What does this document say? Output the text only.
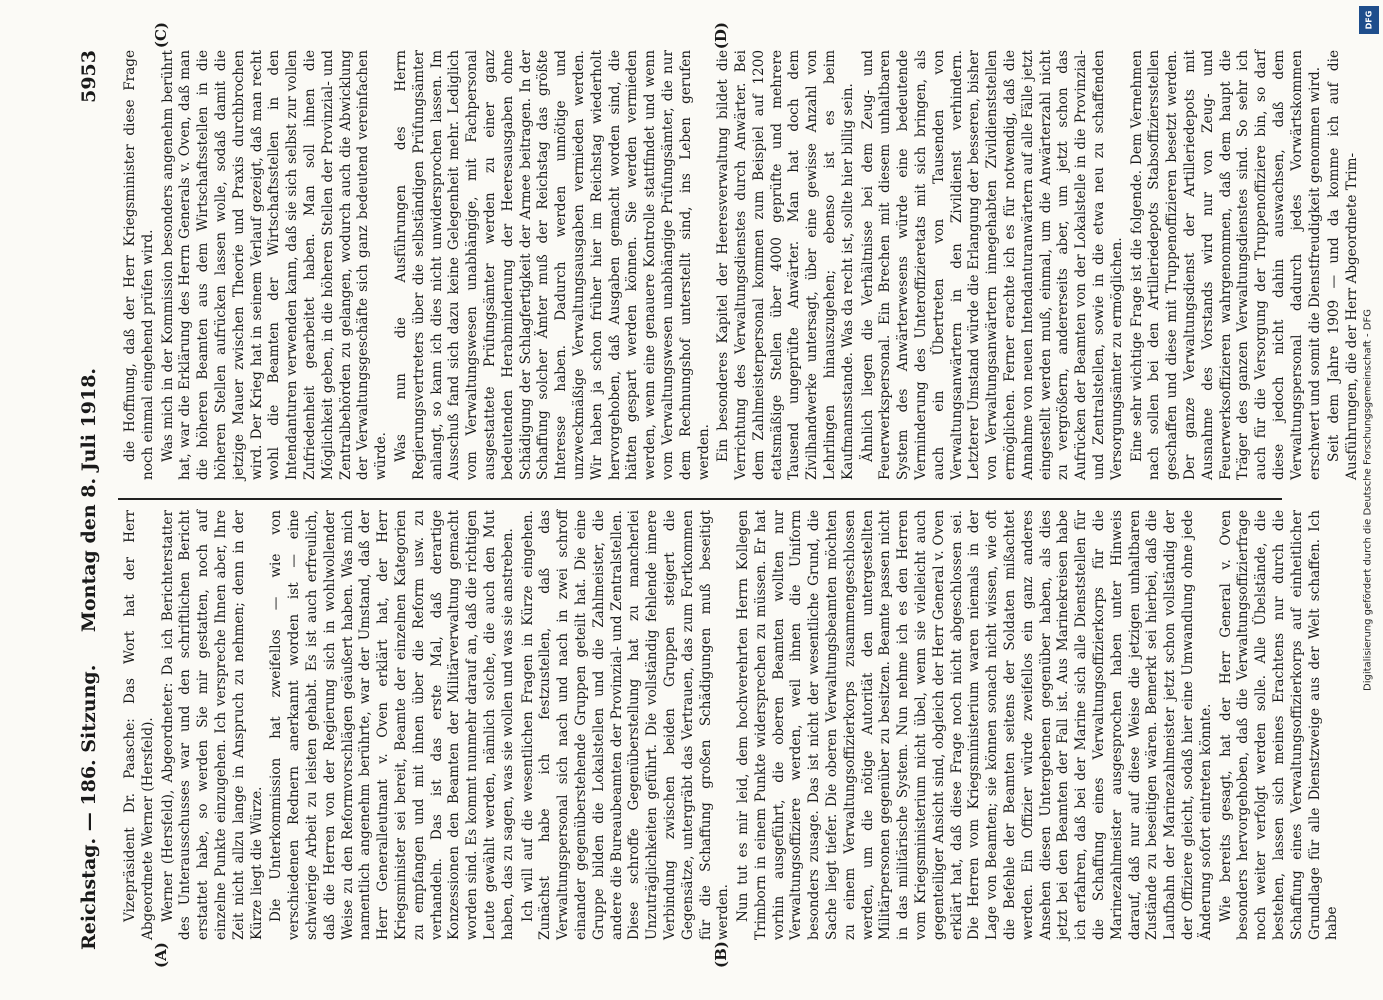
Reichstag. — 186. Sitzung.
Montag den 8. Juli 1918.
5953

Vizepräsident Dr. Paasche: Das Wort hat der Herr Abgeordnete Werner (Hersfeld). Werner (Hersfeld), Abgeordneter: Da ich Berichterstatter des Unterausschusses war und den schriftlichen Bericht erstattet habe, so werden Sie mir gestatten, noch auf einzelne Punkte einzugehen. Ich verspreche Ihnen aber, Ihre Zeit nicht allzu lange in Anspruch zu nehmen; denn in der Kürze liegt die Würze. Die Unterkommission hat zweifellos — wie von verschiedenen Rednern anerkannt worden ist — eine schwierige Arbeit zu leisten gehabt. Es ist auch erfreulich, daß die Herren von der Regierung sich in wohlwollender Weise zu den Reformvorschlägen geäußert haben. Was mich namentlich angenehm berührte, war der Umstand, daß der Herr Generalleutnant v. Oven erklärt hat, der Herr Kriegsminister sei bereit, Beamte der einzelnen Kategorien zu empfangen und mit ihnen über die Reform usw. zu verhandeln. Das ist das erste Mal, daß derartige Konzessionen den Beamten der Militärverwaltung gemacht worden sind. Es kommt nunmehr darauf an, daß die richtigen Leute gewählt werden, nämlich solche, die auch den Mut haben, das zu sagen, was sie wollen und was sie anstreben. Ich will auf die wesentlichen Fragen in Kürze eingehen. Zunächst habe ich festzustellen, daß das Verwaltungspersonal sich nach und nach in zwei schroff einander gegenüberstehende Gruppen geteilt hat. Die eine Gruppe bilden die Lokalstellen und die Zahlmeister, die andere die Bureaubeamten der Provinzial- und Zentralstellen. Diese schroffe Gegenüberstellung hat zu mancherlei Unzuträglichkeiten geführt. Die vollständig fehlende innere Verbindung zwischen beiden Gruppen steigert die Gegensätze, untergräbt das Vertrauen, das zum Fortkommen für die Schaffung großen Schädigungen muß beseitigt werden. Nun tut es mir leid, dem hochverehrten Herrn Kollegen Trimborn in einem Punkte widersprechen zu müssen. Er hat vorhin ausgeführt, die oberen Beamten wollten nur Verwaltungsoffiziere werden, weil ihnen die Uniform besonders zusage. Das ist nicht der wesentliche Grund, die Sache liegt tiefer. Die oberen Verwaltungsbeamten möchten zu einem Verwaltungsoffizierkorps zusammengeschlossen werden, um die nötige Autorität den untergestellten Militärpersonen gegenüber zu besitzen. Beamte passen nicht in das militärische System. Nun nehme ich es den Herren vom Kriegsministerium nicht übel, wenn sie vielleicht auch gegenteiliger Ansicht sind, obgleich der Herr General v. Oven erklärt hat, daß diese Frage noch nicht abgeschlossen sei. Die Herren vom Kriegsministerium waren niemals in der Lage von Beamten; sie können sonach nicht wissen, wie oft die Befehle der Beamten seitens der Soldaten mißachtet werden. Ein Offizier würde zweifellos ein ganz anderes Ansehen diesen Untergebenen gegenüber haben, als dies jetzt bei den Beamten der Fall ist. Aus Marinekreisen habe ich erfahren, daß bei der Marine sich alle Dienststellen für die Schaffung eines Verwaltungsoffizierkorps für die Marinezahlmeister ausgesprochen haben unter Hinweis darauf, daß nur auf diese Weise die jetzigen unhaltbaren Zustände zu beseitigen wären. Bemerkt sei hierbei, daß die Laufbahn der Marinezahlmeister jetzt schon vollständig der der Offiziere gleicht, sodaß hier eine Umwandlung ohne jede Änderung sofort eintreten könnte. Wie bereits gesagt, hat der Herr General v. Oven besonders hervorgehoben, daß die Verwaltungsoffizierfrage noch weiter verfolgt werden solle. Alle Übelstände, die bestehen, lassen sich meines Erachtens nur durch die Schaffung eines Verwaltungsoffizierkorps auf einheitlicher Grundlage für alle Dienstzweige aus der Welt schaffen. Ich habe

die Hoffnung, daß der Herr Kriegsminister diese Frage noch einmal eingehend prüfen wird. Was mich in der Kommission besonders angenehm berührt hat, war die Erklärung des Herrn Generals v. Oven, daß man die höheren Beamten aus dem Wirtschaftsstellen in die höheren Stellen aufrücken lassen wolle, sodaß damit die jetzige Mauer zwischen Theorie und Praxis durchbrochen wird. Der Krieg hat in seinem Verlauf gezeigt, daß man recht wohl die Beamten der Wirtschaftsstellen in den Intendanturen verwenden kann, daß sie sich selbst zur vollen Zufriedenheit gearbeitet haben. Man soll ihnen die Möglichkeit geben, in die höheren Stellen der Provinzial- und Zentralbehörden zu gelangen, wodurch auch die Abwicklung der Verwaltungsgeschäfte sich ganz bedeutend vereinfachen würde. Was nun die Ausführungen des Herrn Regierungsvertreters über die selbständigen Prüfungsämter anlangt, so kann ich dies nicht unwidersprochen lassen. Im Ausschuß fand sich dazu keine Gelegenheit mehr. Lediglich vom Verwaltungswesen unabhängige, mit Fachpersonal ausgestattete Prüfungsämter werden zu einer ganz bedeutenden Herabminderung der Heeresausgaben ohne Schädigung der Schlagfertigkeit der Armee beitragen. In der Schaffung solcher Ämter muß der Reichstag das größte Interesse haben. Dadurch werden unnötige und unzweckmäßige Verwaltungsausgaben vermieden werden. Wir haben ja schon früher hier im Reichstag wiederholt hervorgehoben, daß Ausgaben gemacht worden sind, die hätten gespart werden können. Sie werden vermieden werden, wenn eine genauere Kontrolle stattfindet und wenn vom Verwaltungswesen unabhängige Prüfungsämter, die nur dem Rechnungshof unterstellt sind, ins Leben gerufen werden. Ein besonderes Kapitel der Heeresverwaltung bildet die Verrichtung des Verwaltungsdienstes durch Anwärter. Bei dem Zahlmeisterpersonal kommen zum Beispiel auf 1200 etatsmäßige Stellen über 4000 geprüfte und mehrere Tausend ungeprüfte Anwärter. Man hat doch dem Zivilhandwerke untersagt, über eine gewisse Anzahl von Lehrlingen hinauszugehen; ebenso ist es beim Kaufmannsstande. Was da recht ist, sollte hier billig sein. Ähnlich liegen die Verhältnisse bei dem Zeug- und Feuerwerkspersonal. Ein Brechen mit diesem unhaltbaren System des Anwärterwesens würde eine bedeutende Verminderung des Unteroffizieretats mit sich bringen, als auch ein Übertreten von Tausenden von Verwaltungsanwärtern in den Zivildienst verhindern. Letzterer Umstand würde die Erlangung der besseren, bisher von Verwaltungsanwärtern innegehabten Zivildienststellen ermöglichen. Ferner erachte ich es für notwendig, daß die Annahme von neuen Intendanturanwärtern auf alle Fälle jetzt eingestellt werden muß, einmal, um die Anwärterzahl nicht zu vergrößern, andererseits aber, um jetzt schon das Aufrücken der Beamten von der Lokalstelle in die Provinzial- und Zentralstellen, sowie in die etwa neu zu schaffenden Versorgungsämter zu ermöglichen. Eine sehr wichtige Frage ist die folgende. Dem Vernehmen nach sollen bei den Artilleriedepots Stabsoffiziersstellen geschaffen und diese mit Truppenoffizieren besetzt werden. Der ganze Verwaltungsdienst der Artilleriedepots mit Ausnahme des Vorstands wird nur von Zeug- und Feuerwerksoffizieren wahrgenommen, daß dem haupt die Träger des ganzen Verwaltungsdienstes sind. So sehr ich auch für die Versorgung der Truppenoffiziere bin, so darf diese jedoch nicht dahin auswachsen, daß dem Verwaltungspersonal dadurch jedes Vorwärtskommen erschwert und somit die Dienstfreudigkeit genommen wird. Seit dem Jahre 1909 — und da komme ich auf die Ausführungen, die der Herr Abgeordnete Trim-

(A)	(B)
(C)	(D)
DFG
Digitalisierung gefördert durch die Deutsche Forschungsgemeinschaft - DFG
